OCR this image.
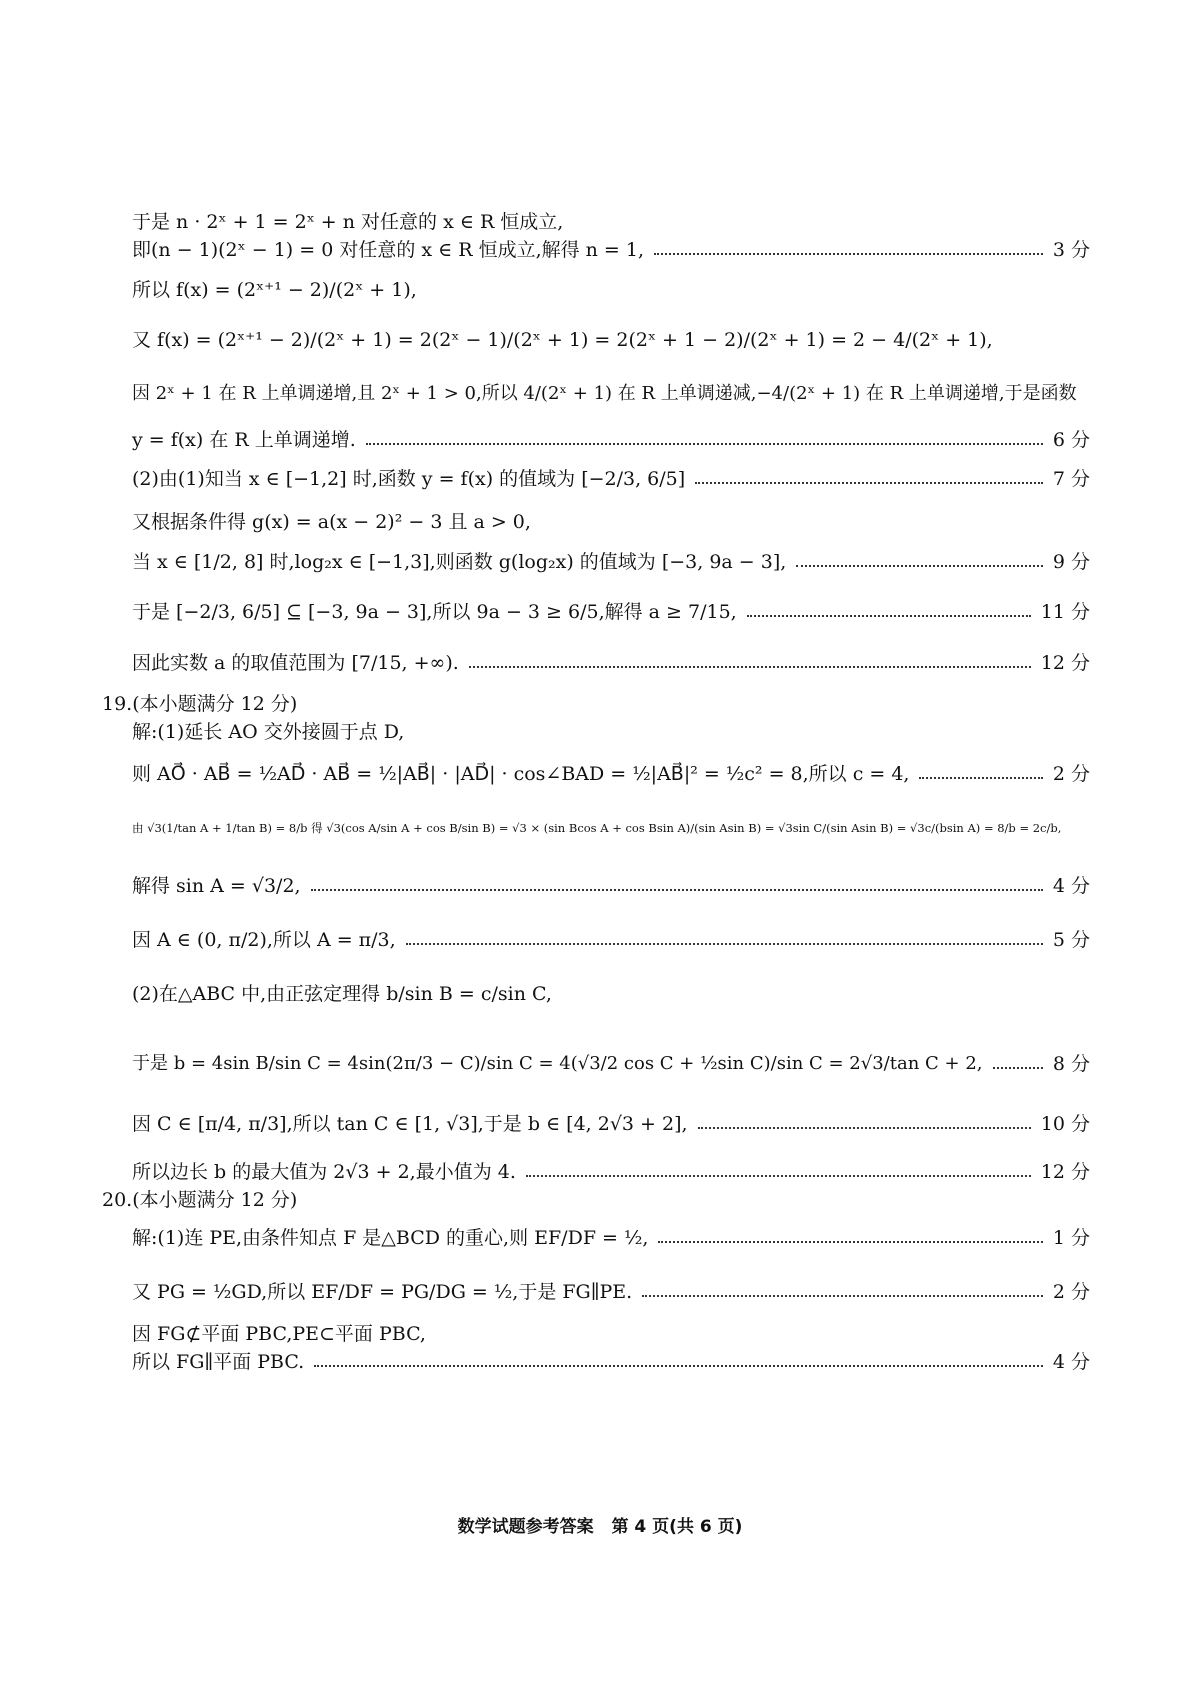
于是 n · 2ˣ + 1 = 2ˣ + n 对任意的 x ∈ R 恒成立,
即(n − 1)(2ˣ − 1) = 0 对任意的 x ∈ R 恒成立,解得 n = 1,	3 分
所以 f(x) = (2ˣ⁺¹ − 2)/(2ˣ + 1),
又 f(x) = (2ˣ⁺¹ − 2)/(2ˣ + 1) = 2(2ˣ − 1)/(2ˣ + 1) = 2(2ˣ + 1 − 2)/(2ˣ + 1) = 2 − 4/(2ˣ + 1),
因 2ˣ + 1 在 R 上单调递增,且 2ˣ + 1 > 0,所以 4/(2ˣ + 1) 在 R 上单调递减,−4/(2ˣ + 1) 在 R 上单调递增,于是函数
y = f(x) 在 R 上单调递增.	6 分
(2)由(1)知当 x ∈ [−1,2] 时,函数 y = f(x) 的值域为 [−2/3, 6/5]	7 分
又根据条件得 g(x) = a(x − 2)² − 3 且 a > 0,
当 x ∈ [1/2, 8] 时,log₂x ∈ [−1,3],则函数 g(log₂x) 的值域为 [−3, 9a − 3],	9 分
于是 [−2/3, 6/5] ⊆ [−3, 9a − 3],所以 9a − 3 ≥ 6/5,解得 a ≥ 7/15,	11 分
因此实数 a 的取值范围为 [7/15, +∞).	12 分
19.(本小题满分 12 分)
解:(1)延长 AO 交外接圆于点 D,
则 AO⃗ · AB⃗ = ½AD⃗ · AB⃗ = ½|AB⃗| · |AD⃗| · cos∠BAD = ½|AB⃗|² = ½c² = 8,所以 c = 4,	2 分
由 √3(1/tan A + 1/tan B) = 8/b 得 √3(cos A/sin A + cos B/sin B) = √3 × (sin Bcos A + cos Bsin A)/(sin Asin B) = √3sin C/(sin Asin B) = √3c/(bsin A) = 8/b = 2c/b,
解得 sin A = √3/2,	4 分
因 A ∈ (0, π/2),所以 A = π/3,	5 分
(2)在△ABC 中,由正弦定理得 b/sin B = c/sin C,
于是 b = 4sin B/sin C = 4sin(2π/3 − C)/sin C = 4(√3/2 cos C + ½sin C)/sin C = 2√3/tan C + 2,	8 分
因 C ∈ [π/4, π/3],所以 tan C ∈ [1, √3],于是 b ∈ [4, 2√3 + 2],	10 分
所以边长 b 的最大值为 2√3 + 2,最小值为 4.	12 分
20.(本小题满分 12 分)
解:(1)连 PE,由条件知点 F 是△BCD 的重心,则 EF/DF = ½,	1 分
又 PG = ½GD,所以 EF/DF = PG/DG = ½,于是 FG∥PE.	2 分
因 FG⊄平面 PBC,PE⊂平面 PBC,
所以 FG∥平面 PBC.	4 分
数学试题参考答案 第 4 页(共 6 页)
